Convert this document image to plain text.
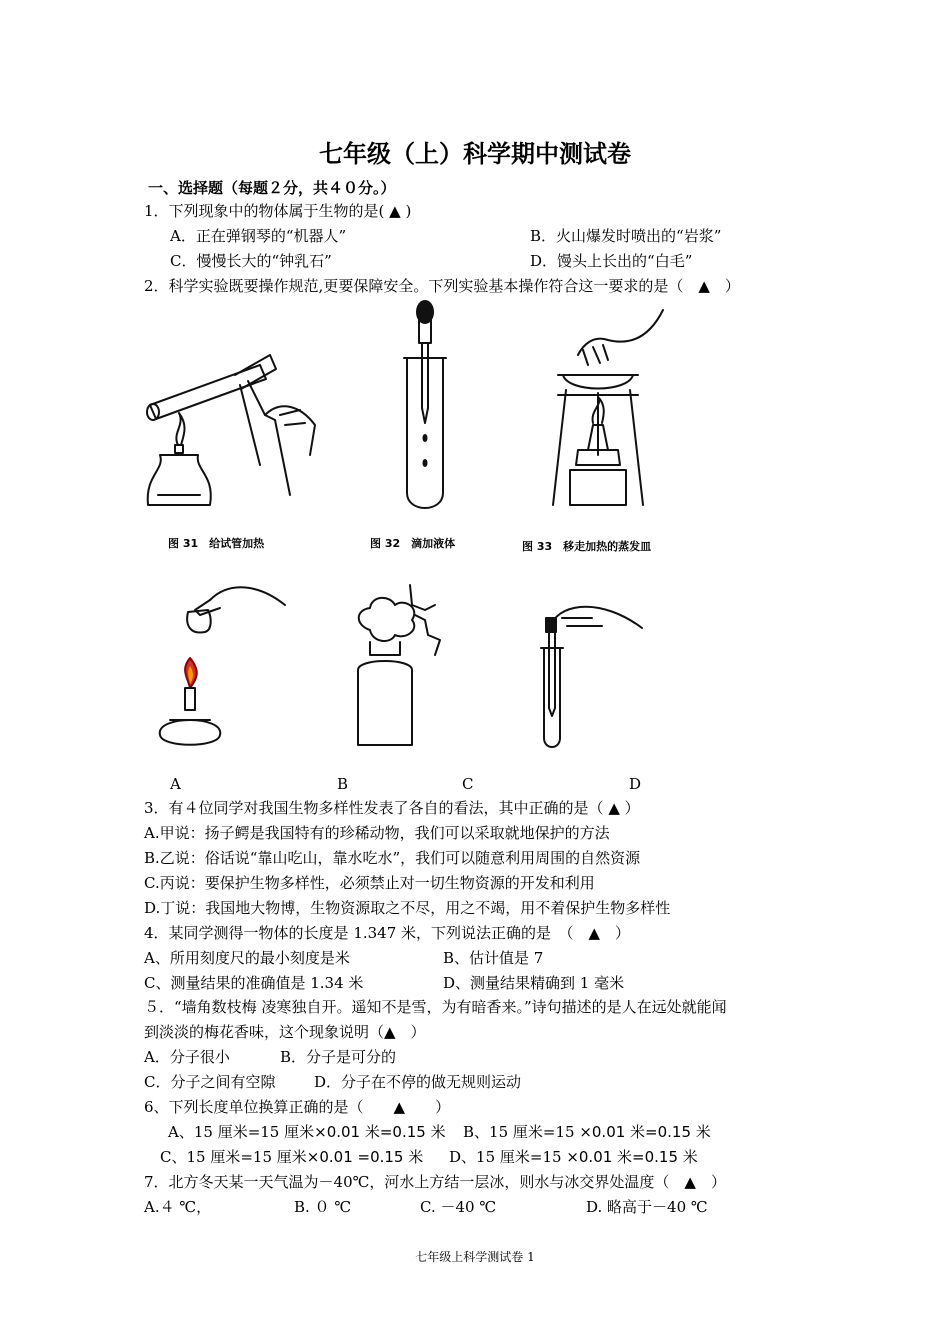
七年级（上）科学期中测试卷
一、选择题（每题２分，共４０分。）
1．下列现象中的物体属于生物的是( ▲ )
A．正在弹钢琴的“机器人”	B．火山爆发时喷出的“岩浆”
C．慢慢长大的“钟乳石”	D．馒头上长出的“白毛”
2．科学实验既要操作规范,更要保障安全。下列实验基本操作符合这一要求的是（　▲　）
图 31　给试管加热	图 32　滴加液体	图 33　移走加热的蒸发皿
A	B	C	D
3．有４位同学对我国生物多样性发表了各自的看法，其中正确的是（ ▲ ）
A.甲说：扬子鳄是我国特有的珍稀动物，我们可以采取就地保护的方法
B.乙说：俗话说“靠山吃山，靠水吃水”，我们可以随意利用周围的自然资源
C.丙说：要保护生物多样性，必须禁止对一切生物资源的开发和利用
D.丁说：我国地大物博，生物资源取之不尽，用之不竭，用不着保护生物多样性
4．某同学测得一物体的长度是 1.347 米，下列说法正确的是　（　▲　）
A、所用刻度尺的最小刻度是米	B、估计值是 7
C、测量结果的准确值是 1.34 米	D、测量结果精确到 1 毫米
５．“墙角数枝梅 凌寒独自开。遥知不是雪，为有暗香来。”诗句描述的是人在远处就能闻
到淡淡的梅花香味，这个现象说明（▲　）
A．分子很小	B．分子是可分的
C．分子之间有空隙	D．分子在不停的做无规则运动
6、下列长度单位换算正确的是（　　▲　　）
A、15 厘米=15 厘米×0.01 米=0.15 米 B、15 厘米=15 ×0.01 米=0.15 米
C、15 厘米=15 厘米×0.01 =0.15 米 D、15 厘米=15 ×0.01 米=0.15 米
7．北方冬天某一天气温为－40℃，河水上方结一层冰，则水与冰交界处温度（　▲　）
A.４ ℃，	B. ０ ℃	C. －40 ℃	D. 略高于－40 ℃
七年级上科学测试卷 1
